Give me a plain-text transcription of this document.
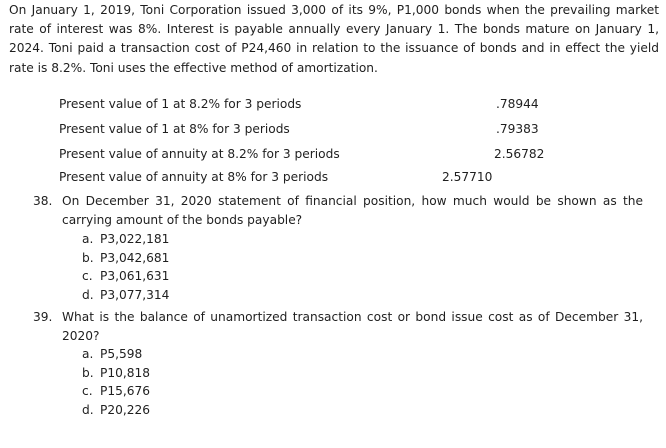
On January 1, 2019, Toni Corporation issued 3,000 of its 9%, P1,000 bonds when the prevailing market rate of interest was 8%. Interest is payable annually every January 1. The bonds mature on January 1, 2024. Toni paid a transaction cost of P24,460 in relation to the issuance of bonds and in effect the yield rate is 8.2%. Toni uses the effective method of amortization.
Present value of 1 at 8.2% for 3 periods	.78944
Present value of 1 at 8% for 3 periods	.79383
Present value of annuity at 8.2% for 3 periods	2.56782
Present value of annuity at 8% for 3 periods	2.57710
38. On December 31, 2020 statement of financial position, how much would be shown as the carrying amount of the bonds payable?
a. P3,022,181
b. P3,042,681
c. P3,061,631
d. P3,077,314
39. What is the balance of unamortized transaction cost or bond issue cost as of December 31, 2020?
a. P5,598
b. P10,818
c. P15,676
d. P20,226
